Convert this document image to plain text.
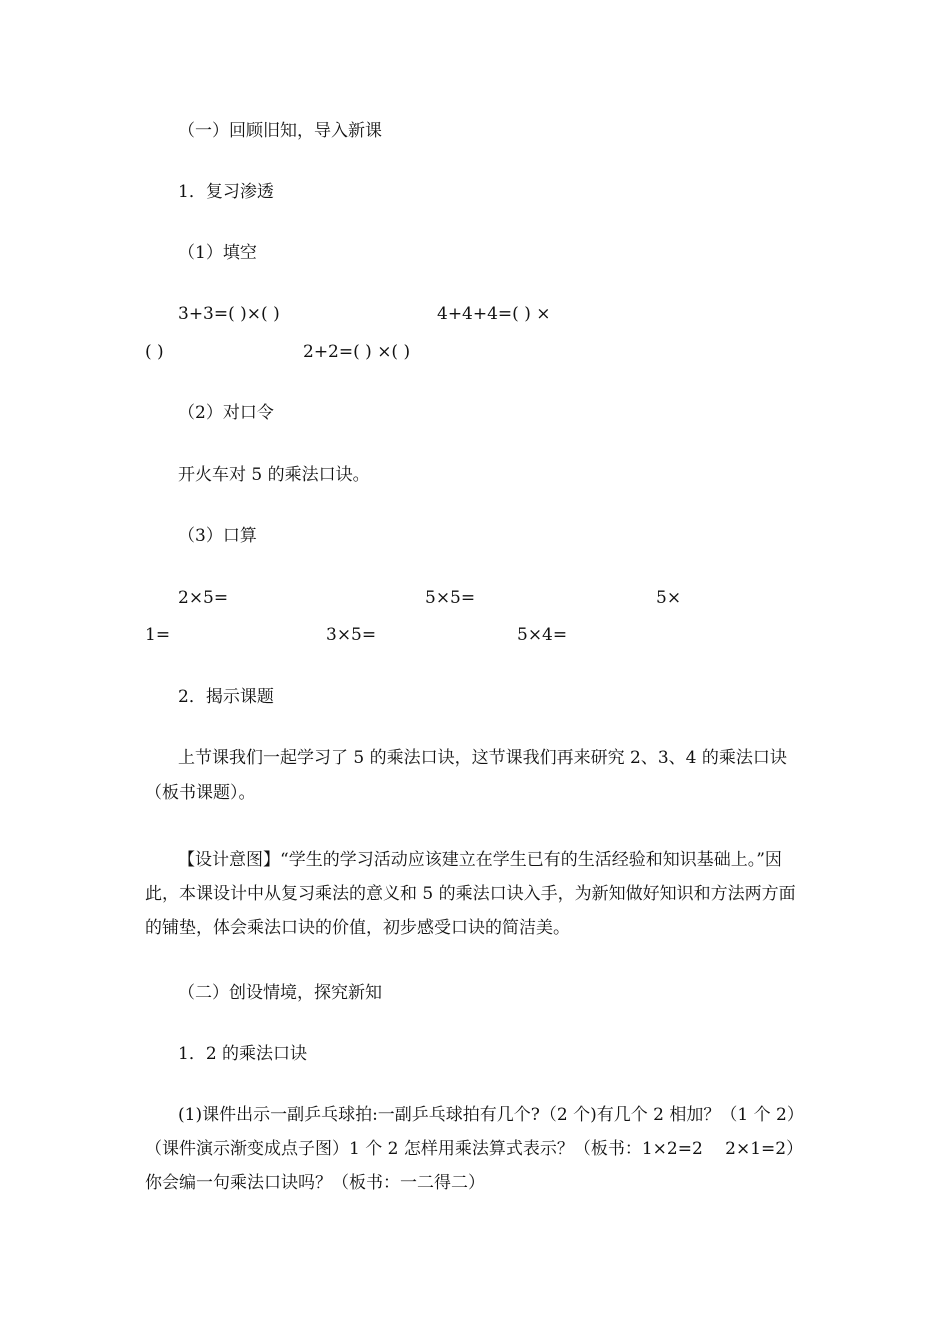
（一）回顾旧知，导入新课

1．复习渗透

（1）填空

3+3=( )×( )	4+4+4=( ) ×

( )	2+2=( ) ×( )

（2）对口令

开火车对 5 的乘法口诀。

（3）口算

2×5=	5×5=	5×

1=	3×5=	5×4=

2．揭示课题

上节课我们一起学习了 5 的乘法口诀，这节课我们再来研究 2、3、4 的乘法口诀（板书课题）。

【设计意图】“学生的学习活动应该建立在学生已有的生活经验和知识基础上。”因此，本课设计中从复习乘法的意义和 5 的乘法口诀入手，为新知做好知识和方法两方面的铺垫，体会乘法口诀的价值，初步感受口诀的简洁美。

（二）创设情境，探究新知

1．2 的乘法口诀

(1)课件出示一副乒乓球拍:一副乒乓球拍有几个?（2 个)有几个 2 相加？（1 个 2）（课件演示渐变成点子图）1 个 2 怎样用乘法算式表示？（板书：1×2=2　 2×1=2）你会编一句乘法口诀吗？（板书：一二得二）
